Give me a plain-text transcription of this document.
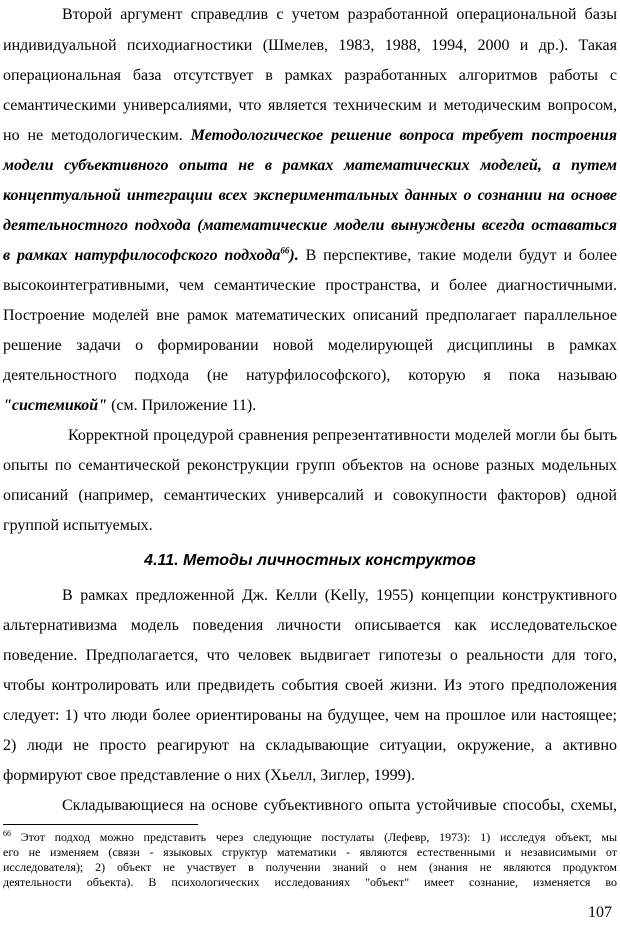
Второй аргумент справедлив с учетом разработанной операциональной базы
индивидуальной психодиагностики (Шмелев, 1983, 1988, 1994, 2000 и др.). Такая
операциональная база отсутствует в рамках разработанных алгоритмов работы с
семантическими универсалиями, что является техническим и методическим вопросом,
но не методологическим. Методологическое решение вопроса требует построения
модели субъективного опыта не в рамках математических моделей, а путем
концептуальной интеграции всех экспериментальных данных о сознании на основе
деятельностного подхода (математические модели вынуждены всегда оставаться
в рамках натурфилософского подхода$^{66}$). В перспективе, такие модели будут и более
высокоинтегративными, чем семантические пространства, и более диагностичными.
Построение моделей вне рамок математических описаний предполагает параллельное
решение задачи о формировании новой моделирующей дисциплины в рамках
деятельностного подхода (не натурфилософского), которую я пока называю
"системикой" (см. Приложение 11).
Корректной процедурой сравнения репрезентативности моделей могли бы быть
опыты по семантической реконструкции групп объектов на основе разных модельных
описаний (например, семантических универсалий и совокупности факторов) одной
группой испытуемых.
4.11. Методы личностных конструктов
В рамках предложенной Дж. Келли (Kelly, 1955) концепции конструктивного
альтернативизма модель поведения личности описывается как исследовательское
поведение. Предполагается, что человек выдвигает гипотезы о реальности для того,
чтобы контролировать или предвидеть события своей жизни. Из этого предположения
следует: 1) что люди более ориентированы на будущее, чем на прошлое или настоящее;
2) люди не просто реагируют на складывающие ситуации, окружение, а активно
формируют свое представление о них (Хьелл, Зиглер, 1999).
Складывающиеся на основе субъективного опыта устойчивые способы, схемы,
$^{66}$ Этот подход можно представить через следующие постулаты (Лефевр, 1973): 1) исследуя объект, мы
его не изменяем (связи - языковых структур математики - являются естественными и независимыми от
исследователя); 2) объект не участвует в получении знаний о нем (знания не являются продуктом
деятельности объекта). В психологических исследованиях "объект" имеет сознание, изменяется во
107
